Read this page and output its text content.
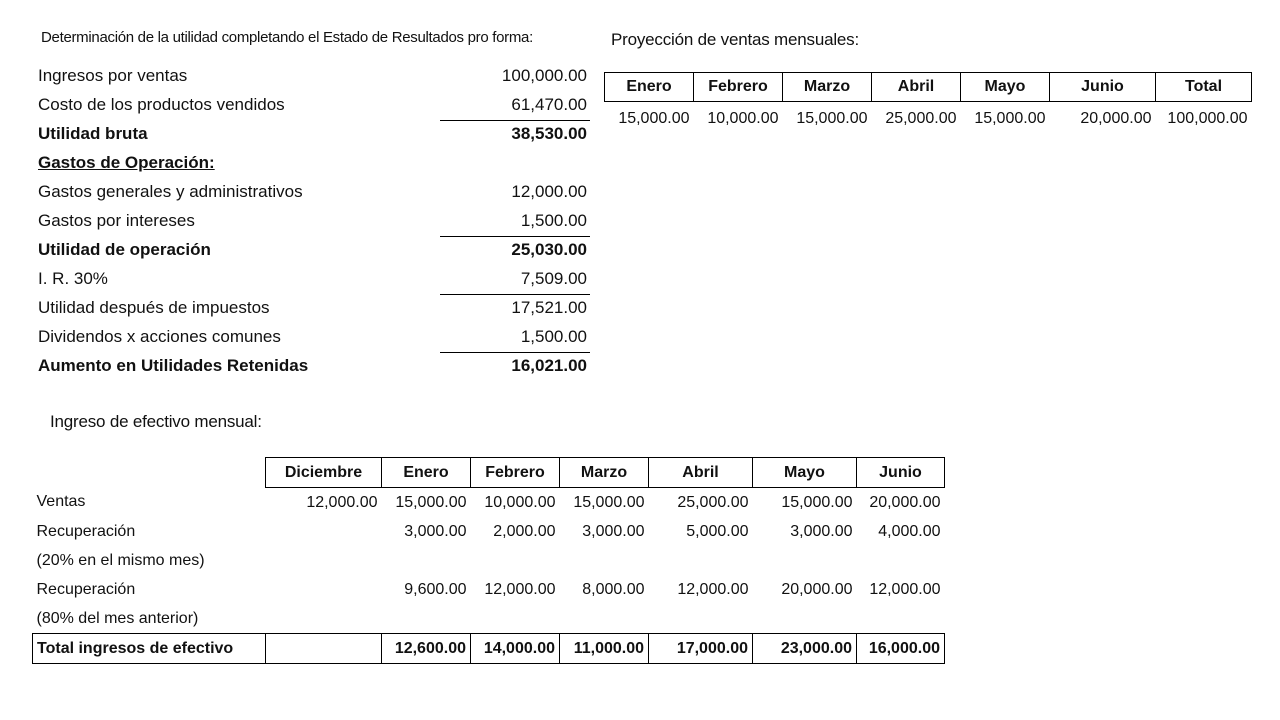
Determinación de la utilidad completando el Estado de Resultados pro forma:	Proyección de ventas mensuales:
Ingreso de efectivo mensual:
Ingresos por ventas	100,000.00
Costo de los productos vendidos	61,470.00
Utilidad bruta	38,530.00
Gastos de Operación:
Gastos generales y administrativos	12,000.00
Gastos por intereses	1,500.00
Utilidad de operación	25,030.00
I. R. 30%	7,509.00
Utilidad después de impuestos	17,521.00
Dividendos x acciones comunes	1,500.00
Aumento en Utilidades Retenidas	16,021.00
Enero	Febrero	Marzo	Abril	Mayo	Junio	Total
15,000.00	10,000.00	15,000.00	25,000.00	15,000.00	20,000.00	100,000.00
	Diciembre	Enero	Febrero	Marzo	Abril	Mayo	Junio
Ventas	12,000.00	15,000.00	10,000.00	15,000.00	25,000.00	15,000.00	20,000.00
Recuperación		3,000.00	2,000.00	3,000.00	5,000.00	3,000.00	4,000.00
(20% en el mismo mes)							
Recuperación		9,600.00	12,000.00	8,000.00	12,000.00	20,000.00	12,000.00
(80% del mes anterior)							
Total ingresos de efectivo		12,600.00	14,000.00	11,000.00	17,000.00	23,000.00	16,000.00
